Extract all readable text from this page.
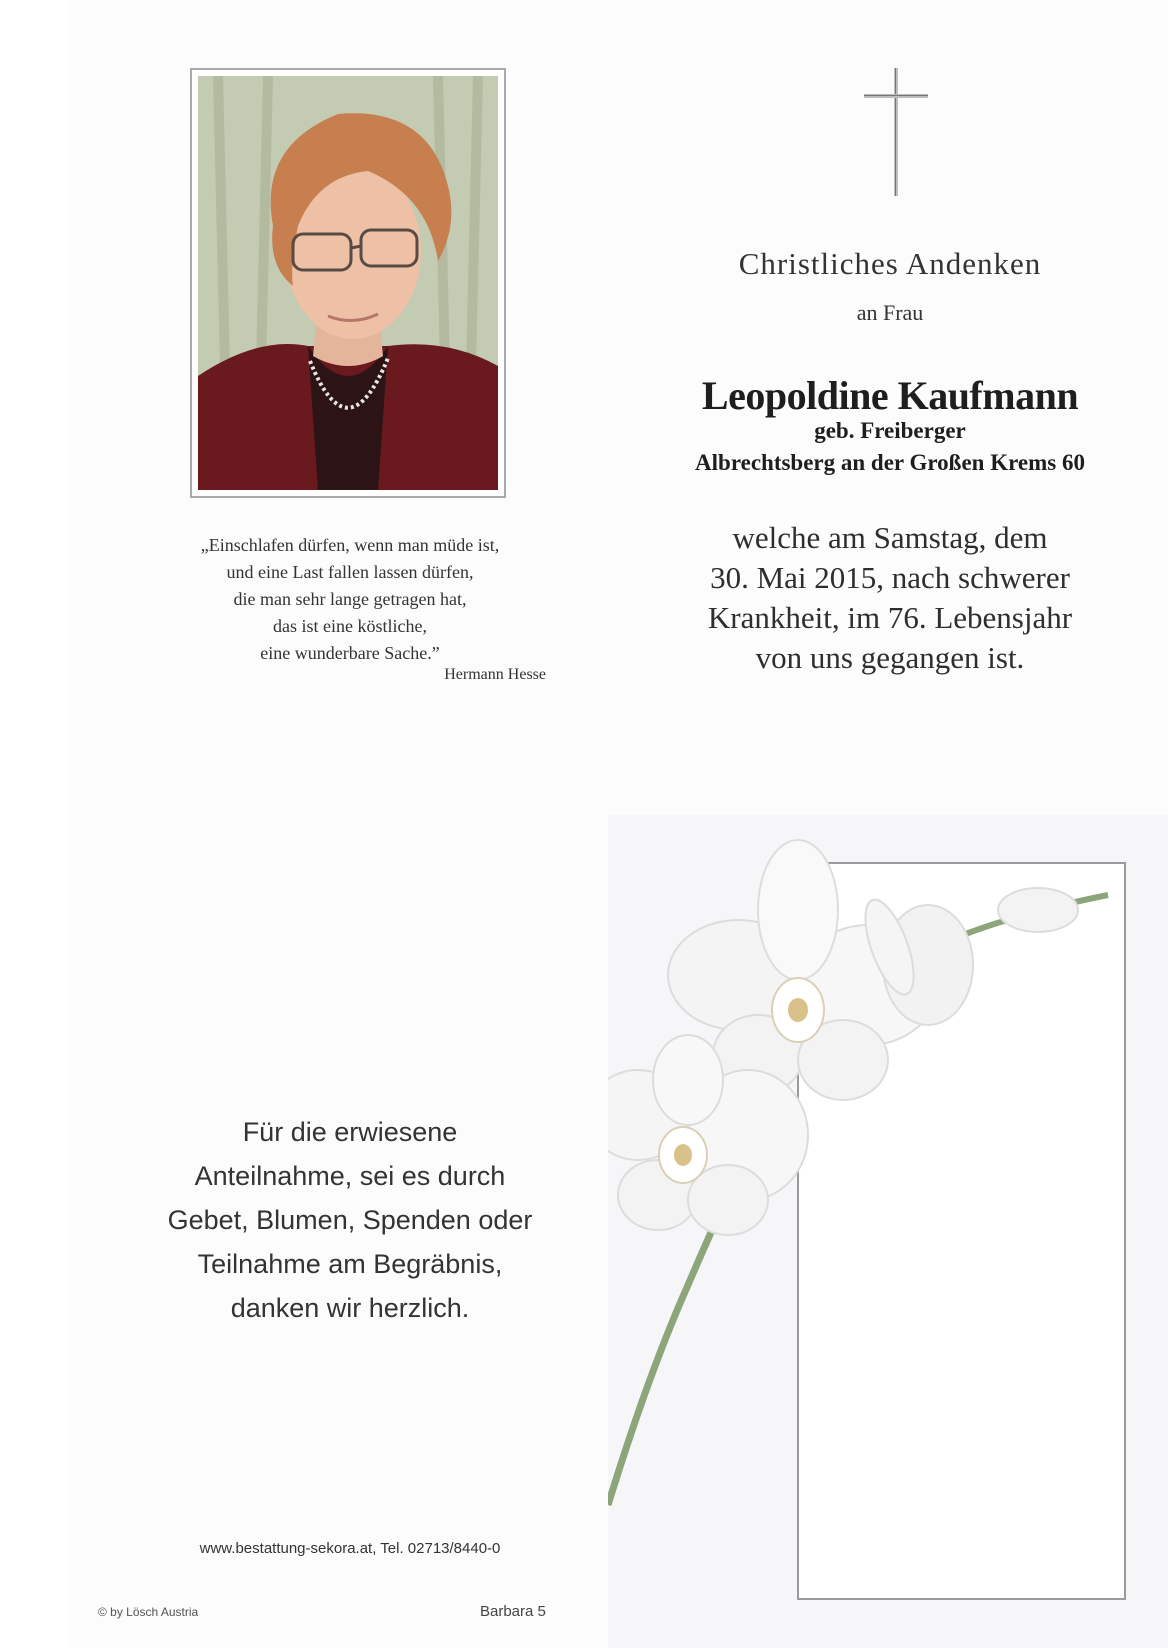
„Einschlafen dürfen, wenn man müde ist,
und eine Last fallen lassen dürfen,
die man sehr lange getragen hat,
das ist eine köstliche,
eine wunderbare Sache.”
Hermann Hesse
Christliches Andenken
an Frau
Leopoldine Kaufmann
geb. Freiberger
Albrechtsberg an der Großen Krems 60
welche am Samstag, dem
30. Mai 2015, nach schwerer
Krankheit, im 76. Lebensjahr
von uns gegangen ist.
Für die erwiesene
Anteilnahme, sei es durch
Gebet, Blumen, Spenden oder
Teilnahme am Begräbnis,
danken wir herzlich.
www.bestattung-sekora.at, Tel. 02713/8440-0
© by Lösch Austria	Barbara 5
